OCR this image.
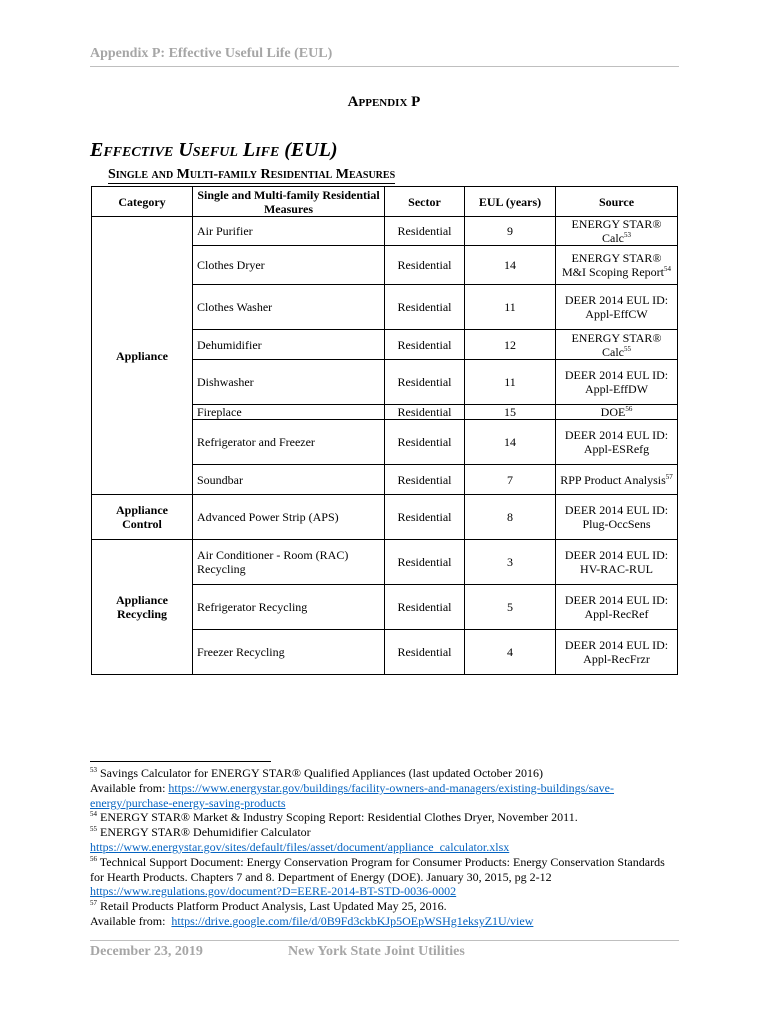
Appendix P: Effective Useful Life (EUL)
Appendix P
Effective Useful Life (EUL)
Single and Multi-family Residential Measures
Category	Single and Multi-family Residential Measures	Sector	EUL (years)	Source
Appliance	Air Purifier	Residential	9	ENERGY STAR® Calc$^{53}$
	Clothes Dryer	Residential	14	ENERGY STAR® M&I Scoping Report$^{54}$
	Clothes Washer	Residential	11	DEER 2014 EUL ID: Appl-EffCW
	Dehumidifier	Residential	12	ENERGY STAR® Calc$^{55}$
	Dishwasher	Residential	11	DEER 2014 EUL ID: Appl-EffDW
	Fireplace	Residential	15	DOE$^{56}$
	Refrigerator and Freezer	Residential	14	DEER 2014 EUL ID: Appl-ESRefg
	Soundbar	Residential	7	RPP Product Analysis$^{57}$
Appliance Control	Advanced Power Strip (APS)	Residential	8	DEER 2014 EUL ID: Plug-OccSens
Appliance Recycling	Air Conditioner - Room (RAC) Recycling	Residential	3	DEER 2014 EUL ID: HV-RAC-RUL
	Refrigerator Recycling	Residential	5	DEER 2014 EUL ID: Appl-RecRef
	Freezer Recycling	Residential	4	DEER 2014 EUL ID: Appl-RecFrzr
$^{53}$ Savings Calculator for ENERGY STAR® Qualified Appliances (last updated October 2016)
Available from: https://www.energystar.gov/buildings/facility-owners-and-managers/existing-buildings/save-energy/purchase-energy-saving-products
$^{54}$ ENERGY STAR® Market & Industry Scoping Report: Residential Clothes Dryer, November 2011.
$^{55}$ ENERGY STAR® Dehumidifier Calculator
https://www.energystar.gov/sites/default/files/asset/document/appliance_calculator.xlsx
$^{56}$ Technical Support Document: Energy Conservation Program for Consumer Products: Energy Conservation Standards for Hearth Products. Chapters 7 and 8. Department of Energy (DOE). January 30, 2015, pg 2-12
https://www.regulations.gov/document?D=EERE-2014-BT-STD-0036-0002
$^{57}$ Retail Products Platform Product Analysis, Last Updated May 25, 2016.
Available from:  https://drive.google.com/file/d/0B9Fd3ckbKJp5OEpWSHg1eksyZ1U/view
December 23, 2019	New York State Joint Utilities
